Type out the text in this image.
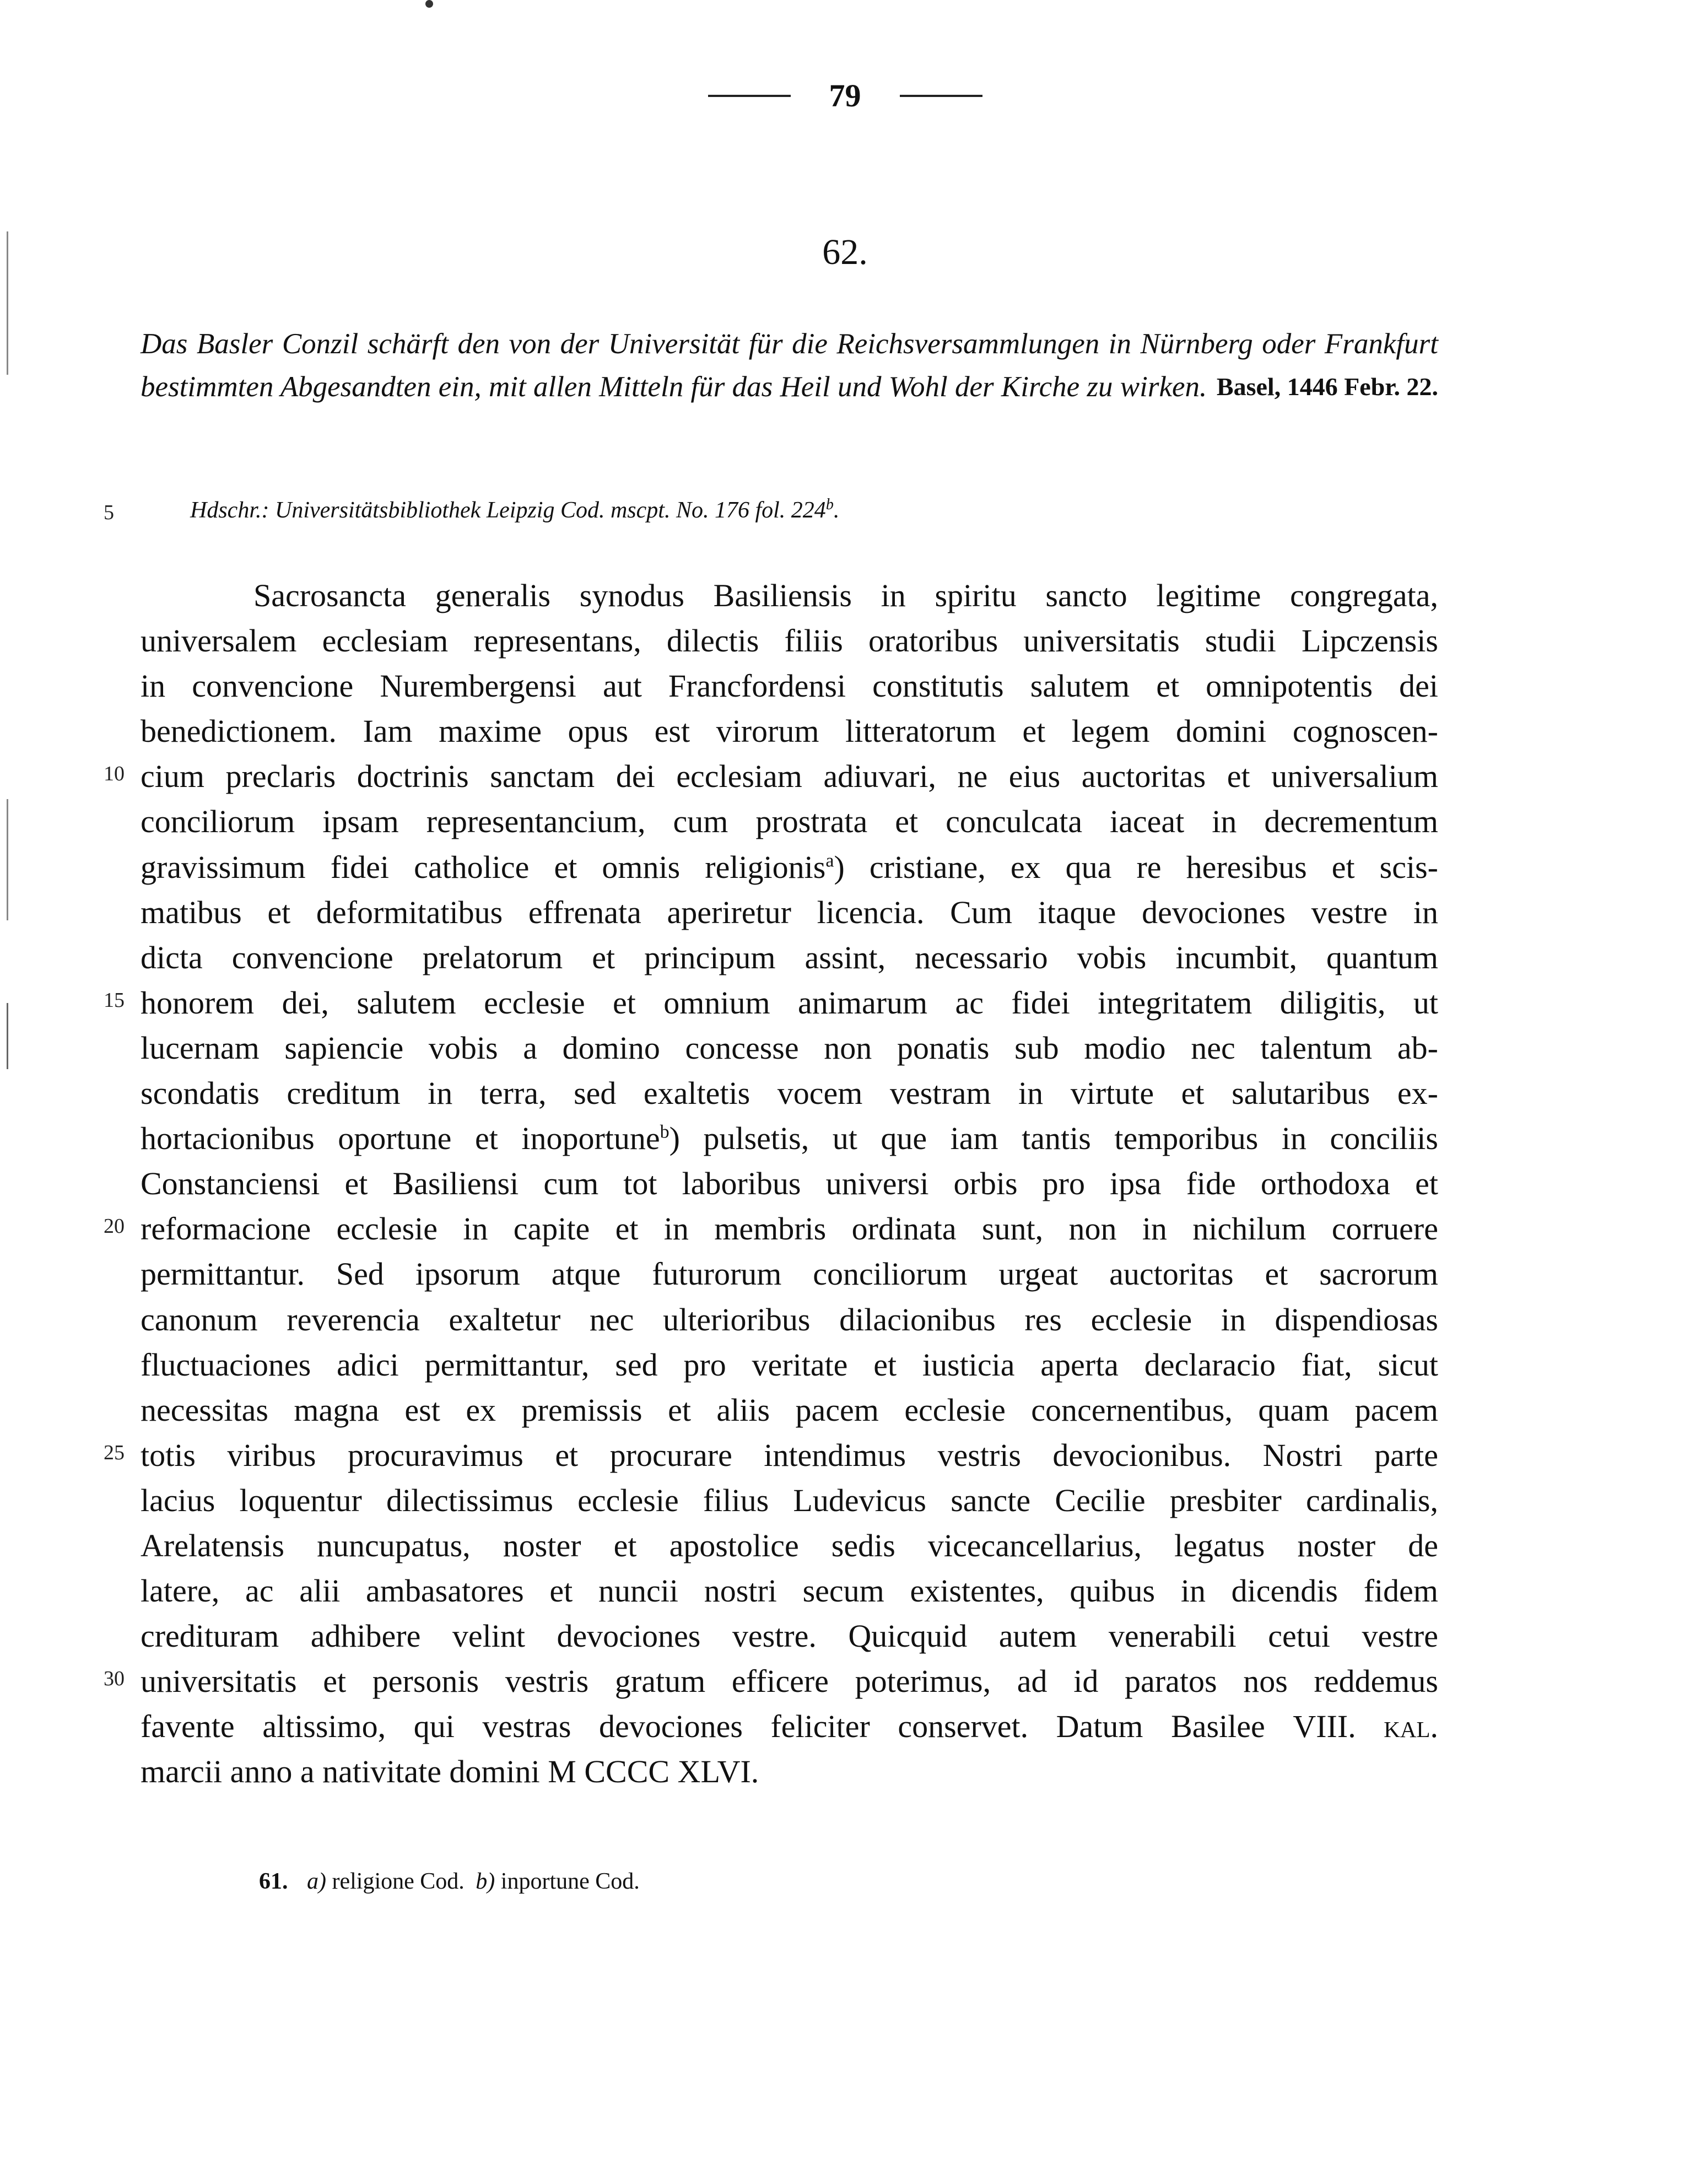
79
62.
Das Basler Conzil schärft den von der Universität für die Reichsversammlungen in Nürnberg oder Frankfurt bestimmten Abgesandten ein, mit allen Mitteln für das Heil und Wohl der Kirche zu wirken. Basel, 1446 Febr. 22.
5	Hdschr.: Universitätsbibliothek Leipzig Cod. mscpt. No. 176 fol. 224$^b$.
10
15
20
25
30
Sacrosancta generalis synodus Basiliensis in spiritu sancto legitime congregata,
universalem ecclesiam representans, dilectis filiis oratoribus universitatis studii Lipczensis
in convencione Nurembergensi aut Francfordensi constitutis salutem et omnipotentis dei
benedictionem. Iam maxime opus est virorum litteratorum et legem domini cognoscen-
cium preclaris doctrinis sanctam dei ecclesiam adiuvari, ne eius auctoritas et universalium
conciliorum ipsam representancium, cum prostrata et conculcata iaceat in decrementum
gravissimum fidei catholice et omnis religionis$^a$) cristiane, ex qua re heresibus et scis-
matibus et deformitatibus effrenata aperiretur licencia. Cum itaque devociones vestre in
dicta convencione prelatorum et principum assint, necessario vobis incumbit, quantum
honorem dei, salutem ecclesie et omnium animarum ac fidei integritatem diligitis, ut
lucernam sapiencie vobis a domino concesse non ponatis sub modio nec talentum ab-
scondatis creditum in terra, sed exaltetis vocem vestram in virtute et salutaribus ex-
hortacionibus oportune et inoportune$^b$) pulsetis, ut que iam tantis temporibus in conciliis
Constanciensi et Basiliensi cum tot laboribus universi orbis pro ipsa fide orthodoxa et
reformacione ecclesie in capite et in membris ordinata sunt, non in nichilum corruere
permittantur. Sed ipsorum atque futurorum conciliorum urgeat auctoritas et sacrorum
canonum reverencia exaltetur nec ulterioribus dilacionibus res ecclesie in dispendiosas
fluctuaciones adici permittantur, sed pro veritate et iusticia aperta declaracio fiat, sicut
necessitas magna est ex premissis et aliis pacem ecclesie concernentibus, quam pacem
totis viribus procuravimus et procurare intendimus vestris devocionibus. Nostri parte
lacius loquentur dilectissimus ecclesie filius Ludevicus sancte Cecilie presbiter cardinalis,
Arelatensis nuncupatus, noster et apostolice sedis vicecancellarius, legatus noster de
latere, ac alii ambasatores et nuncii nostri secum existentes, quibus in dicendis fidem
credituram adhibere velint devociones vestre. Quicquid autem venerabili cetui vestre
universitatis et personis vestris gratum efficere poterimus, ad id paratos nos reddemus
favente altissimo, qui vestras devociones feliciter conservet. Datum Basilee VIII. kal.
marcii anno a nativitate domini M CCCC XLVI.
61. a) religione Cod. b) inportune Cod.
